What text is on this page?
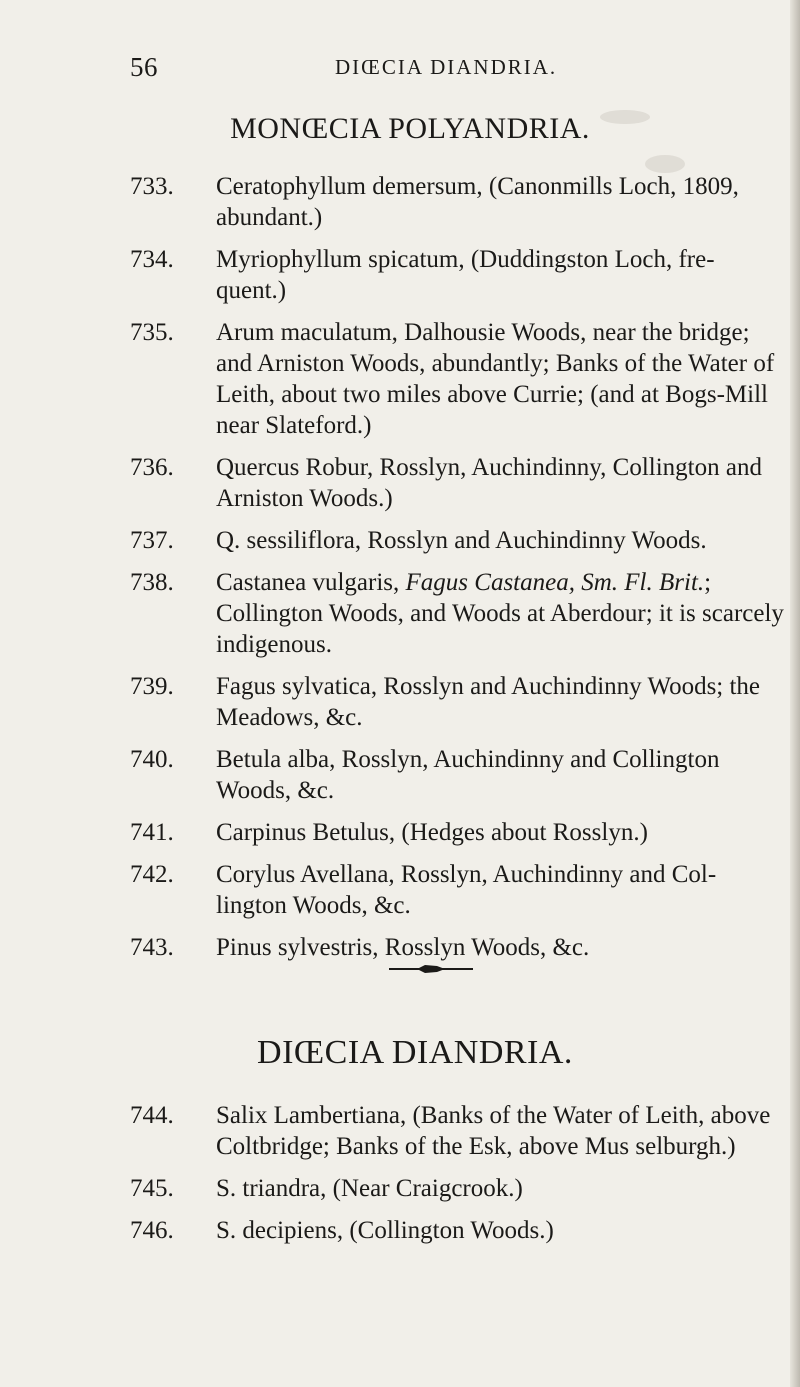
56	DIŒCIA DIANDRIA.
MONŒCIA POLYANDRIA.
733.	Ceratophyllum demersum, (Canonmills Loch, 1809, abundant.)
734.	Myriophyllum spicatum, (Duddingston Loch, fre- quent.)
735.	Arum maculatum, Dalhousie Woods, near the bridge; and Arniston Woods, abundantly; Banks of the Water of Leith, about two miles above Currie; (and at Bogs-Mill near Slateford.)
736.	Quercus Robur, Rosslyn, Auchindinny, Collington and Arniston Woods.)
737.	Q. sessiliflora, Rosslyn and Auchindinny Woods.
738.	Castanea vulgaris, Fagus Castanea, Sm. Fl. Brit.; Collington Woods, and Woods at Aberdour; it is scarcely indigenous.
739.	Fagus sylvatica, Rosslyn and Auchindinny Woods; the Meadows, &c.
740.	Betula alba, Rosslyn, Auchindinny and Collington Woods, &c.
741.	Carpinus Betulus, (Hedges about Rosslyn.)
742.	Corylus Avellana, Rosslyn, Auchindinny and Col- lington Woods, &c.
743.	Pinus sylvestris, Rosslyn Woods, &c.
DIŒCIA DIANDRIA.
744.	Salix Lambertiana, (Banks of the Water of Leith, above Coltbridge; Banks of the Esk, above Mus selburgh.)
745.	S. triandra, (Near Craigcrook.)
746.	S. decipiens, (Collington Woods.)
